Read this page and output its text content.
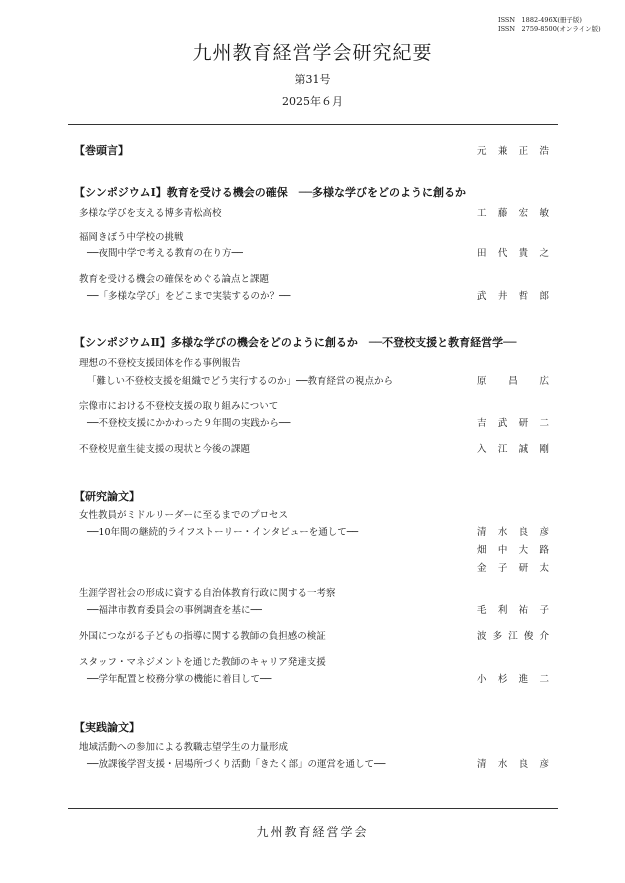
ISSN　1882-496X(冊子版)
ISSN　2759-8500(オンライン版)
九州教育経営学会研究紀要
第31号
2025年６月
【巻頭言】	元兼正浩
【シンポジウムⅠ】教育を受ける機会の確保　──多様な学びをどのように創るか
多様な学びを支える博多青松高校	工藤宏敏
福岡きぼう中学校の挑戦
──夜間中学で考える教育の在り方──	田代貴之
教育を受ける機会の確保をめぐる論点と課題
──「多様な学び」をどこまで実装するのか？──	武井哲郎
【シンポジウムⅡ】多様な学びの機会をどのように創るか　──不登校支援と教育経営学──
理想の不登校支援団体を作る事例報告
「難しい不登校支援を組織でどう実行するのか」──教育経営の視点から	原昌広
宗像市における不登校支援の取り組みについて
──不登校支援にかかわった９年間の実践から──	吉武研二
不登校児童生徒支援の現状と今後の課題	入江誠剛
【研究論文】
女性教員がミドルリーダーに至るまでのプロセス
──10年間の継続的ライフストーリー・インタビューを通して──	清水良彦
畑中大路
金子研太
生涯学習社会の形成に資する自治体教育行政に関する一考察
──福津市教育委員会の事例調査を基に──	毛利祐子
外国につながる子どもの指導に関する教師の負担感の検証	波多江俊介
スタッフ・マネジメントを通じた教師のキャリア発達支援
──学年配置と校務分掌の機能に着目して──	小杉進二
【実践論文】
地域活動への参加による教職志望学生の力量形成
──放課後学習支援・居場所づくり活動「きたく部」の運営を通して──	清水良彦
九州教育経営学会
